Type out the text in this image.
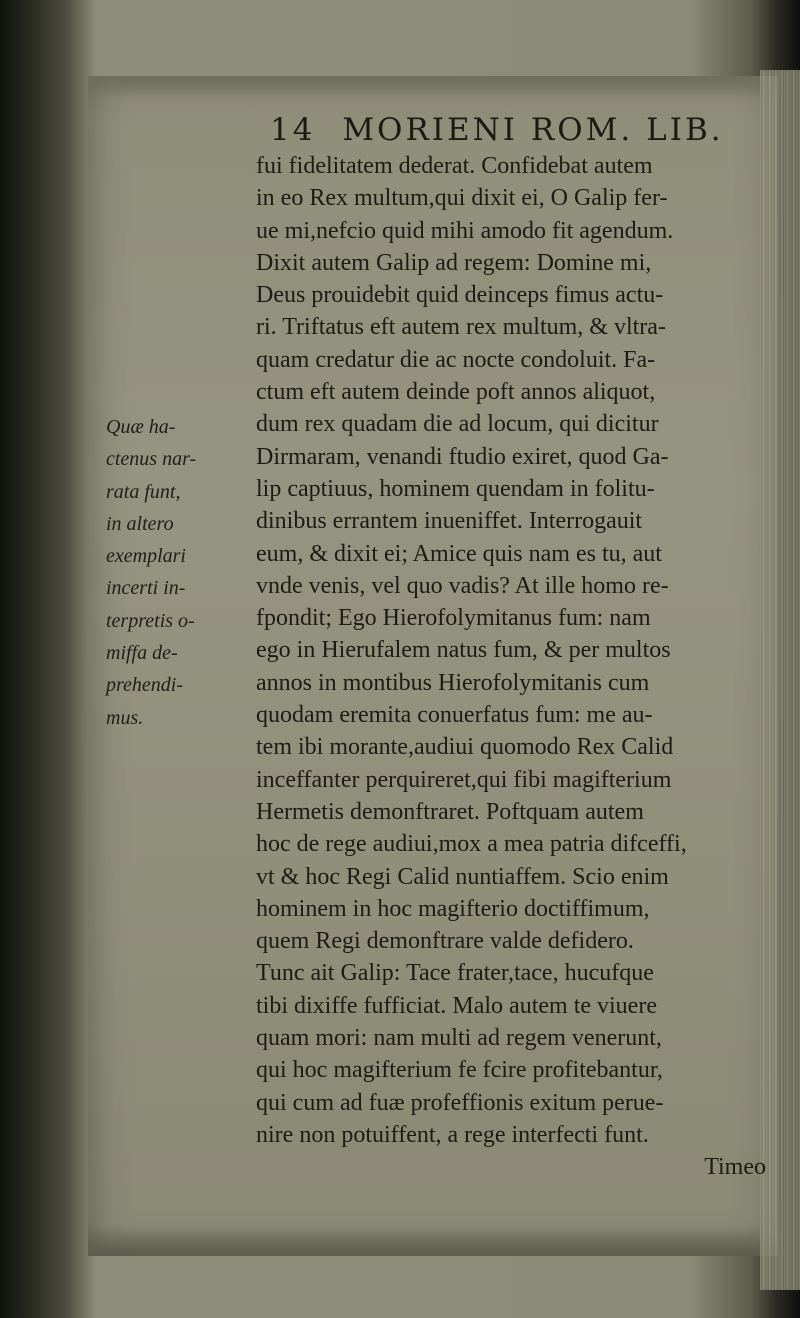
14 MORIENI ROM. LIB.
fui fidelitatem dederat. Confidebat autem
in eo Rex multum,qui dixit ei, O Galip fer-
ue mi,nefcio quid mihi amodo fit agendum.
Dixit autem Galip ad regem: Domine mi,
Deus prouidebit quid deinceps fimus actu-
ri. Triftatus eft autem rex multum, & vltra-
quam credatur die ac nocte condoluit. Fa-
ctum eft autem deinde poft annos aliquot,
dum rex quadam die ad locum, qui dicitur
Dirmaram, venandi ftudio exiret, quod Ga-
lip captiuus, hominem quendam in folitu-
dinibus errantem inueniffet. Interrogauit
eum, & dixit ei; Amice quis nam es tu, aut
vnde venis, vel quo vadis? At ille homo re-
fpondit; Ego Hierofolymitanus fum: nam
ego in Hierufalem natus fum, & per multos
annos in montibus Hierofolymitanis cum
quodam eremita conuerfatus fum: me au-
tem ibi morante,audiui quomodo Rex Calid
inceffanter perquireret,qui fibi magifterium
Hermetis demonftraret. Poftquam autem
hoc de rege audiui,mox a mea patria difceffi,
vt & hoc Regi Calid nuntiaffem. Scio enim
hominem in hoc magifterio doctiffimum,
quem Regi demonftrare valde defidero.
Tunc ait Galip: Tace frater,tace, hucufque
tibi dixiffe fufficiat. Malo autem te viuere
quam mori: nam multi ad regem venerunt,
qui hoc magifterium fe fcire profitebantur,
qui cum ad fuæ profeffionis exitum perue-
nire non potuiffent, a rege interfecti funt.
Timeo
Quæ ha-
ctenus nar-
rata funt,
in altero
exemplari
incerti in-
terpretis o-
miffa de-
prehendi-
mus.
